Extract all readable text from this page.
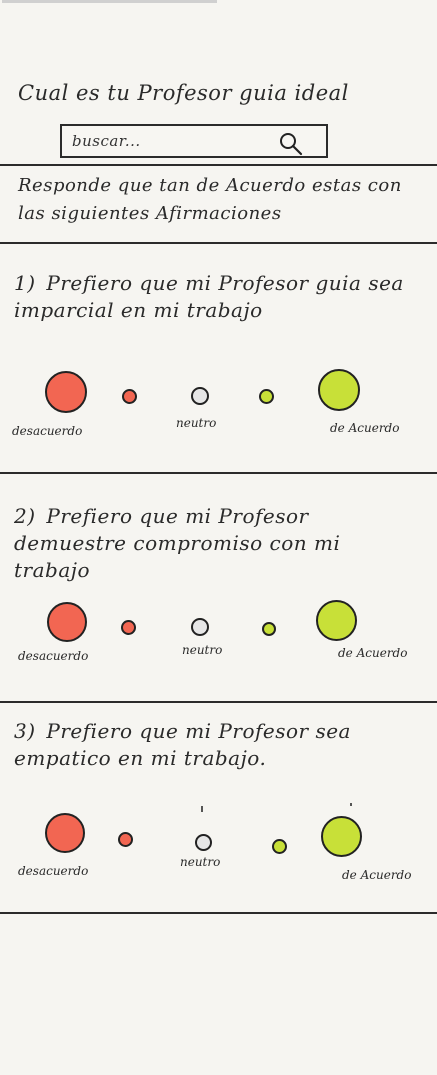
Cual es tu Profesor guia ideal
buscar...
Responde que tan de Acuerdo estas con las siguientes Afirmaciones
1) Prefiero que mi Profesor guia sea imparcial en mi trabajo
desacuerdo
neutro	de Acuerdo
2) Prefiero que mi Profesor demuestre compromiso con mi trabajo
desacuerdo	neutro	de Acuerdo
3) Prefiero que mi Profesor sea empatico en mi trabajo.
desacuerdo
neutro
de Acuerdo
